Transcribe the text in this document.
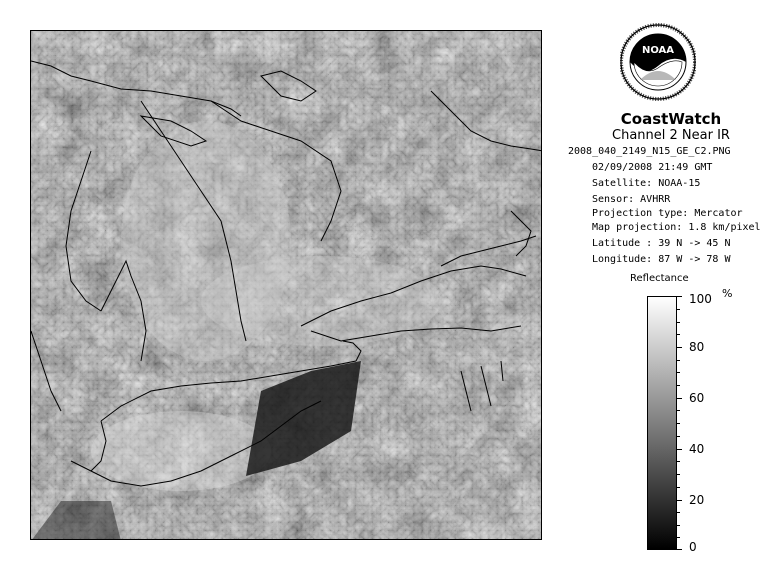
NOAA
CoastWatch
Channel 2 Near IR
2008_040_2149_N15_GE_C2.PNG
02/09/2008 21:49 GMT
Satellite: NOAA-15
Sensor: AVHRR
Projection type: Mercator
Map projection: 1.8 km/pixel
Latitude : 39 N -> 45 N
Longitude: 87 W -> 78 W
Reflectance
%
100
80
60
40
20
0
